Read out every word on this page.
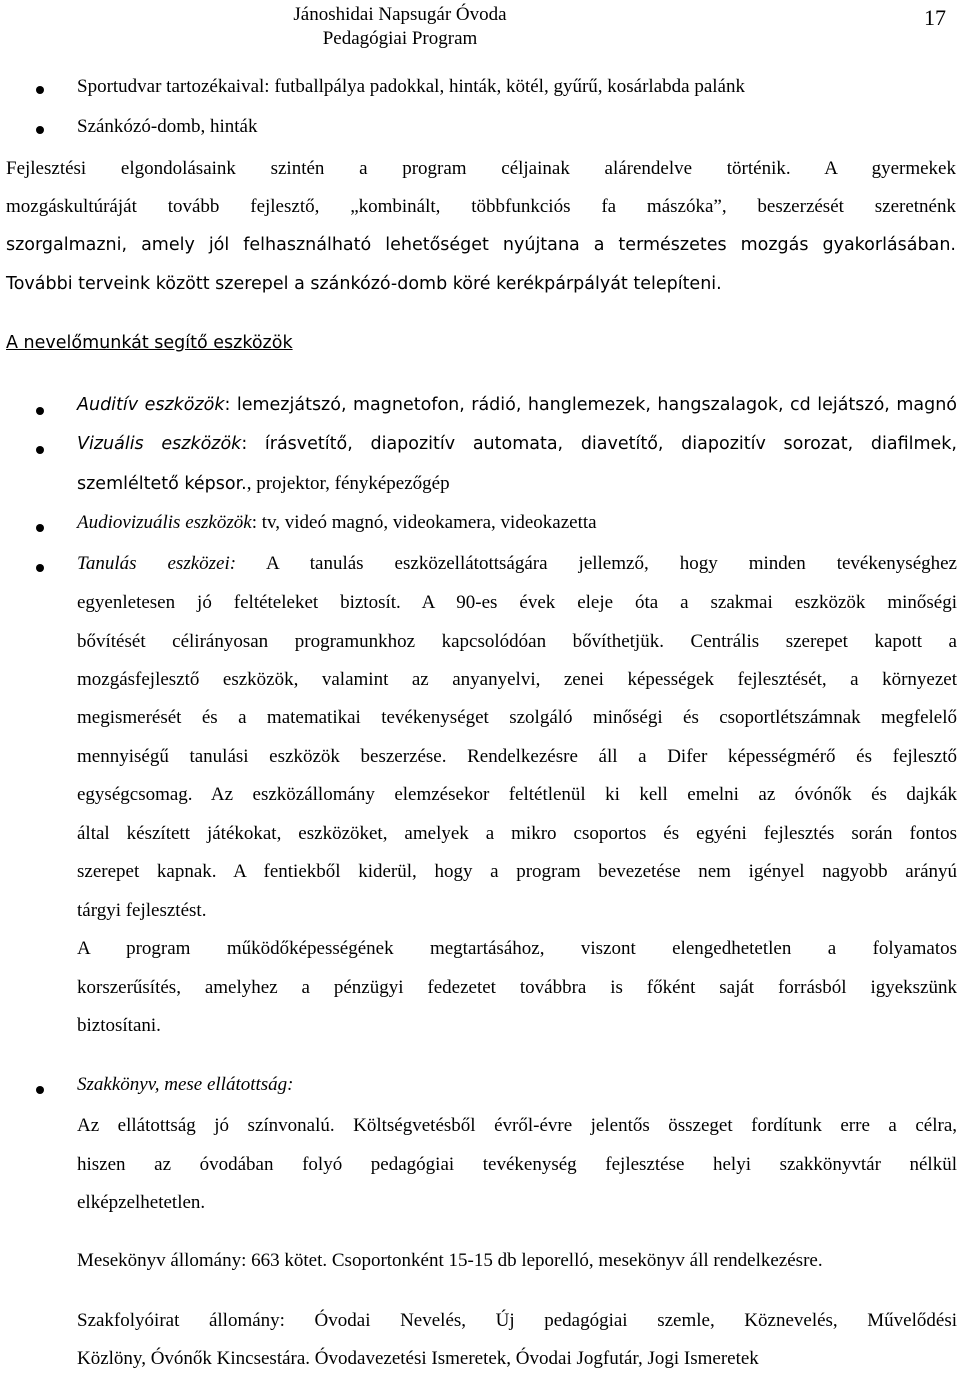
Jánoshidai Napsugár Óvoda
Pedagógiai Program
17
Sportudvar tartozékaival: futballpálya padokkal, hinták, kötél, gyűrű, kosárlabda palánk
Szánkózó-domb, hinták
Fejlesztési elgondolásaink szintén a program céljainak alárendelve történik. A gyermekek
mozgáskultúráját tovább fejlesztő, „kombinált, többfunkciós fa mászóka”, beszerzését szeretnénk
szorgalmazni, amely jól felhasználható lehetőséget nyújtana a természetes mozgás gyakorlásában.
További terveink között szerepel a szánkózó-domb köré kerékpárpályát telepíteni.
A nevelőmunkát segítő eszközök
Auditív eszközök: lemezjátszó, magnetofon, rádió, hanglemezek, hangszalagok, cd lejátszó, magnó
Vizuális eszközök: írásvetítő, diapozitív automata, diavetítő, diapozitív sorozat, diafilmek,
szemléltető képsor., projektor, fényképezőgép
Audiovizuális eszközök: tv, videó magnó, videokamera, videokazetta
Tanulás eszközei: A tanulás eszközellátottságára jellemző, hogy minden tevékenységhez
egyenletesen jó feltételeket biztosít. A 90-es évek eleje óta a szakmai eszközök minőségi
bővítését célirányosan programunkhoz kapcsolódóan bővíthetjük. Centrális szerepet kapott a
mozgásfejlesztő eszközök, valamint az anyanyelvi, zenei képességek fejlesztését, a környezet
megismerését és a matematikai tevékenységet szolgáló minőségi és csoportlétszámnak megfelelő
mennyiségű tanulási eszközök beszerzése. Rendelkezésre áll a Difer képességmérő és fejlesztő
egységcsomag. Az eszközállomány elemzésekor feltétlenül ki kell emelni az óvónők és dajkák
által készített játékokat, eszközöket, amelyek a mikro csoportos és egyéni fejlesztés során fontos
szerepet kapnak. A fentiekből kiderül, hogy a program bevezetése nem igényel nagyobb arányú
tárgyi fejlesztést.
A program működőképességének megtartásához, viszont elengedhetetlen a folyamatos
korszerűsítés, amelyhez a pénzügyi fedezetet továbbra is főként saját forrásból igyekszünk
biztosítani.
Szakkönyv, mese ellátottság:
Az ellátottság jó színvonalú. Költségvetésből évről-évre jelentős összeget fordítunk erre a célra,
hiszen az óvodában folyó pedagógiai tevékenység fejlesztése helyi szakkönyvtár nélkül
elképzelhetetlen.
Mesekönyv állomány: 663 kötet. Csoportonként 15-15 db leporelló, mesekönyv áll rendelkezésre.
Szakfolyóirat állomány: Óvodai Nevelés, Új pedagógiai szemle, Köznevelés, Művelődési
Közlöny, Óvónők Kincsestára. Óvodavezetési Ismeretek, Óvodai Jogfutár, Jogi Ismeretek
